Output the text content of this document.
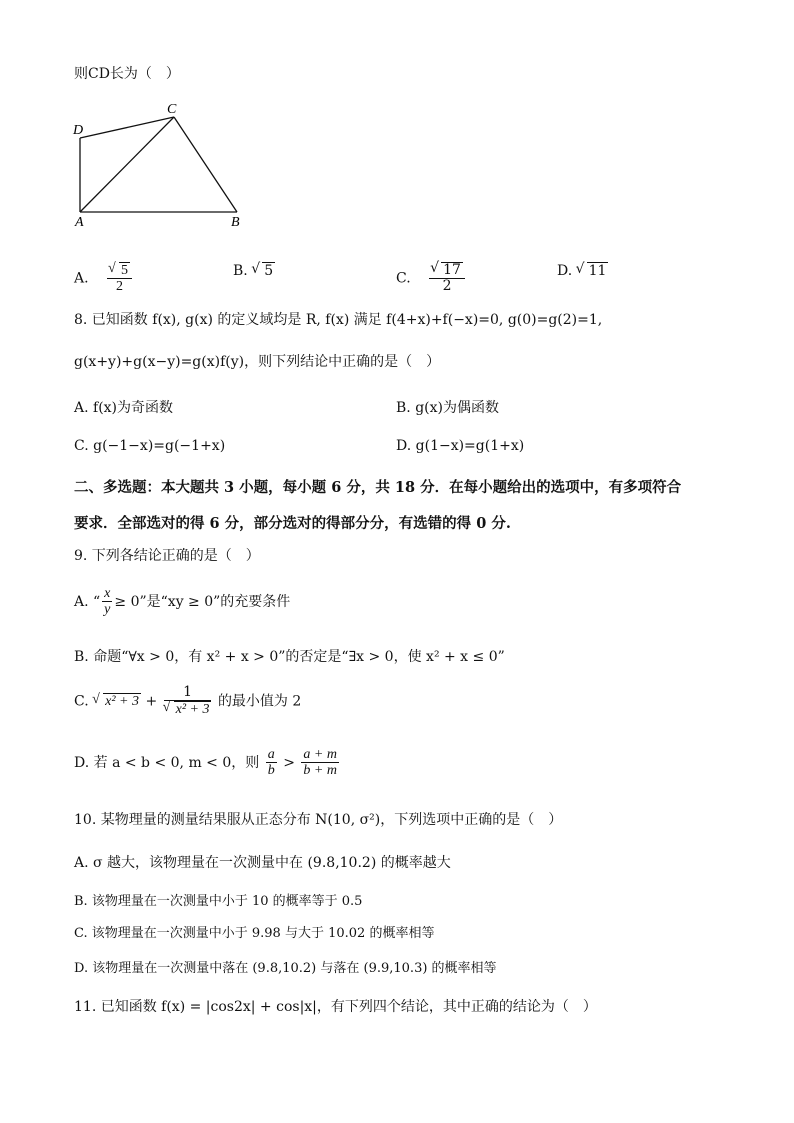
则CD长为（　）
D
C
A	B
A. √ $\frac{5}{2}$	B. √ 5	C. √ $\frac{17}{2}$	D. √ 11
8. 已知函数 f(x), g(x) 的定义域均是 R, f(x) 满足 f(4+x)+f(−x)=0, g(0)=g(2)=1,
g(x+y)+g(x−y)=g(x)f(y)，则下列结论中正确的是（　）
A. f(x)为奇函数	B. g(x)为偶函数
C. g(−1−x)=g(−1+x)	D. g(1−x)=g(1+x)
二、多选题：本大题共 3 小题，每小题 6 分，共 18 分．在每小题给出的选项中，有多项符合
要求．全部选对的得 6 分，部分选对的得部分分，有选错的得 0 分.
9. 下列各结论正确的是（　）
A. “ $\frac{x}{y} \ge 0$”是“xy ≥ 0”的充要条件
B. 命题“∀x > 0，有 x² + x > 0”的否定是“∃x > 0，使 x² + x ≤ 0”
C. √ x² + 3 + 1
√ x² + 3 的最小值为 2
D. 若 a < b < 0, m < 0，则 $\frac{a}{b} > \frac{a + m}{b + m}$
10. 某物理量的测量结果服从正态分布 N(10, σ²)，下列选项中正确的是（　）
A. σ 越大，该物理量在一次测量中在 (9.8,10.2) 的概率越大
B. 该物理量在一次测量中小于 10 的概率等于 0.5
C. 该物理量在一次测量中小于 9.98 与大于 10.02 的概率相等
D. 该物理量在一次测量中落在 (9.8,10.2) 与落在 (9.9,10.3) 的概率相等
11. 已知函数 f(x) = |cos2x| + cos|x|，有下列四个结论，其中正确的结论为（　）
